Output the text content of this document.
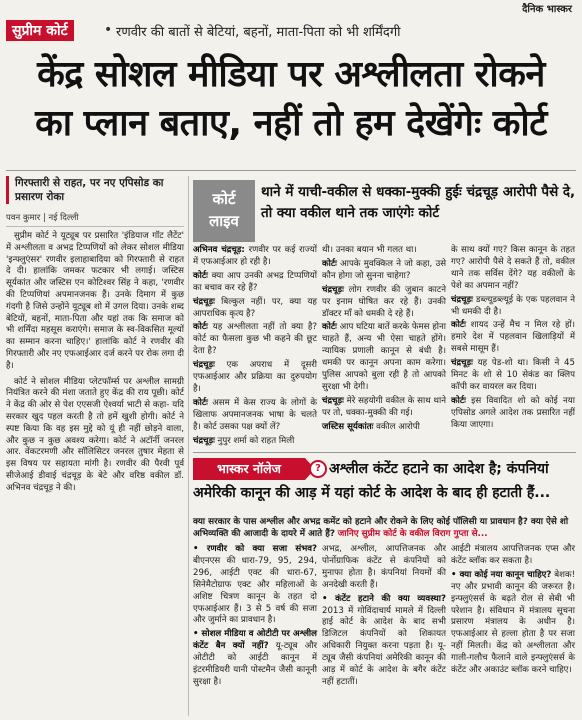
दैनिक भास्कर
सुप्रीम कोर्ट	• रणवीर की बातों से बेटियां, बहनों, माता-पिता को भी शर्मिंदगी
केंद्र सोशल मीडिया पर अश्लीलता रोकने
का प्लान बताए, नहीं तो हम देखेंगेः कोर्ट
गिरफ्तारी से राहत, पर नए एपिसोड का प्रसारण रोका
पवन कुमार | नई दिल्ली

सुप्रीम कोर्ट ने यूट्यूब पर प्रसारित 'इंडियाज गॉट लैटेंट' में अश्लीलता व अभद्र टिप्पणियों को लेकर सोशल मीडिया 'इन्फ्लुएंसर' रणवीर इलाहाबादिया को गिरफ्तारी से राहत दे दी। हालांकि जमकर फटकार भी लगाई। जस्टिस सूर्यकांत और जस्टिस एन कोटिश्वर सिंह ने कहा, 'रणवीर की टिप्पणियां अपमानजनक हैं। उनके दिमाग में कुछ गंदगी है जिसे उन्होंने यूट्यूब शो में उगल दिया। उनके शब्द बेटियों, बहनों, माता-पिता और यहां तक कि समाज को भी शर्मिंदा महसूस कराएंगे। समाज के स्व-विकसित मूल्यों का सम्मान करना चाहिए।' हालांकि कोर्ट ने रणवीर की गिरफ्तारी और नए एफआईआर दर्ज करने पर रोक लगा दी है।

कोर्ट ने सोशल मीडिया प्लेटफॉर्म्स पर अश्लील सामग्री नियंत्रित करने की मंशा जताते हुए केंद्र की राय पूछी। कोर्ट ने केंद्र की ओर से पेश एएसजी ऐश्वर्या भाटी से कहा- यदि सरकार खुद पहल करती है तो हमें खुशी होगी। कोर्ट ने स्पष्ट किया कि वह इस मुद्दे को यूं ही नहीं छोड़ने वाला, और कुछ न कुछ अवश्य करेगा। कोर्ट ने अटॉर्नी जनरल आर. वेंकटरमणी और सॉलिसिटर जनरल तुषार मेहता से इस विषय पर सहायता मांगी है। रणवीर की पैरवी पूर्व सीजेआई डीवाई चंद्रचूड़ के बेटे और वरिष्ठ वकील डॉ. अभिनव चंद्रचूड़ ने की।

कोर्ट
लाइव
थाने में याची-वकील से धक्का-मुक्की हुईः चंद्रचूड़ आरोपी पैसे दे, तो क्या वकील थाने तक जाएंगेः कोर्ट

अभिनव चंद्रचूड़: रणवीर पर कई राज्यों में एफआईआर हो रही है।

कोर्टः क्या आप उनकी अभद्र टिप्पणियों का बचाव कर रहे हैं?

चंद्रचूड़ः बिल्कुल नहीं। पर, क्या यह आपराधिक कृत्य है?

कोर्टः यह अश्लीलता नहीं तो क्या है? कोर्ट का फैसला कुछ भी कहने की छूट देता है?

चंद्रचूड़ः एक अपराध में दूसरी एफआईआर और प्रक्रिया का दुरुपयोग है।

कोर्टः असम में केस राज्य के लोगों के खिलाफ अपमानजनक भाषा के चलते है। कोर्ट उसका पक्ष क्यों लें?

चंद्रचूड़ः नुपुर शर्मा को राहत मिली

थी। उनका बयान भी गलत था।

कोर्टः आपके मुवक्किल ने जो कहा, उसे कौन होगा जो सुनना चाहेगा?

चंद्रचूड़ः लोग रणवीर की जुबान काटने पर इनाम घोषित कर रहे हैं। उनकी डॉक्टर माँ को धमकी दे रहे हैं।

कोर्टः आप घटिया बातें करके फेमस होना चाहते हैं, अन्य भी ऐसा चाहते होंगे। न्यायिक प्रणाली कानून से बंधी है। धमकी पर कानून अपना काम करेगा। पुलिस आपको बुला रही है तो आपको सुरक्षा भी देगी।

चंद्रचूड़ः मेरे सहयोगी वकील के साथ थाने पर तो, धक्का-मुक्की की गई।

जस्टिस सूर्यकांतः वकील आरोपी

के साथ क्यों गए? किस कानून के तहत गए? आरोपी पैसे दे सकते हैं तो, वकील थाने तक सर्विस देंगे? यह वकीलों के पेशे का अपमान नहीं?

चंद्रचूड़ः डब्ल्यूडब्ल्यूई के एक पहलवान ने भी धमकी दी है।

कोर्टः शायद उन्हें मैच न मिल रहे हों। हमारे देश में पहलवान खिलाड़ियों में सबसे मासूम हैं।

चंद्रचूड़ः यह पेड-शो था। किसी ने 45 मिनट के शो से 10 सेकंड का क्लिप कॉपी कर वायरल कर दिया।

कोर्टः इस विवादित शो को कोई नया एपिसोड अगले आदेश तक प्रसारित नहीं किया जाएगा।

भास्कर नॉलेज	? अश्लील कंटेंट हटाने का आदेश है; कंपनियां
अमेरिकी कानून की आड़ में यहां कोर्ट के आदेश के बाद ही हटाती हैं...
क्या सरकार के पास अश्लील और अभद्र कमेंट को हटाने और रोकने के लिए कोई पॉलिसी या प्रावधान है? क्या ऐसे शो अभिव्यक्ति की आजादी के दायरे में आते हैं? जानिए सुप्रीम कोर्ट के वकील विराग गुप्ता से...

• रणवीर को क्या सजा संभव? बीएनएस की धारा-79, 95, 294, 296, आईटी एक्ट की धारा-67, सिनेमैटोग्राफ एक्ट और महिलाओं के अशिष्ट चित्रण कानून के तहत दो एफआईआर हैं। 3 से 5 वर्ष की सजा और जुर्माने का प्रावधान है।

• सोशल मीडिया व ओटीटी पर अश्लील कंटेंट बैन क्यों नहीं? यू-ट्यूब और ओटीटी को आईटी कानून में इंटरमीडियरी यानी पोस्टमैन जैसी कानूनी सुरक्षा है।

अभद्र, अश्लील, आपत्तिजनक और पोर्नोग्राफिक कंटेंट से कंपनियों को मुनाफा होता है। कंपनियां नियमों की अनदेखी करती हैं।

• कंटेंट हटाने की क्या व्यवस्था? 2013 में गोविंदाचार्य मामले में दिल्ली हाई कोर्ट के आदेश के बाद सभी डिजिटल कंपनियों को शिकायत अधिकारी नियुक्त करना पड़ता है। यू-ट्यूब जैसी कंपनियां अमेरिकी कानून की आड़ में कोर्ट के आदेश के बगैर कंटेंट नहीं हटातीं।

आईटी मंत्रालय आपत्तिजनक एप्स और कंटेंट ब्लॉक कर सकता है।

• क्या कोई नया कानून चाहिए? बेशक! नए और प्रभावी कानून की जरूरत है। इन्फ्लुएंसर्स के बढ़ते रोल से सेबी भी परेशान है। संविधान में मंत्रालय सूचना प्रसारण मंत्रालय के अधीन है। एफआईआर से हल्ला होता है पर सजा नहीं मिलती। केंद्र को अश्लीलता और गाली-गलौच फैलाने वाले इन्फ्लुएंसर्स के कंटेंट और अकाउंट ब्लॉक करने चाहिए।
